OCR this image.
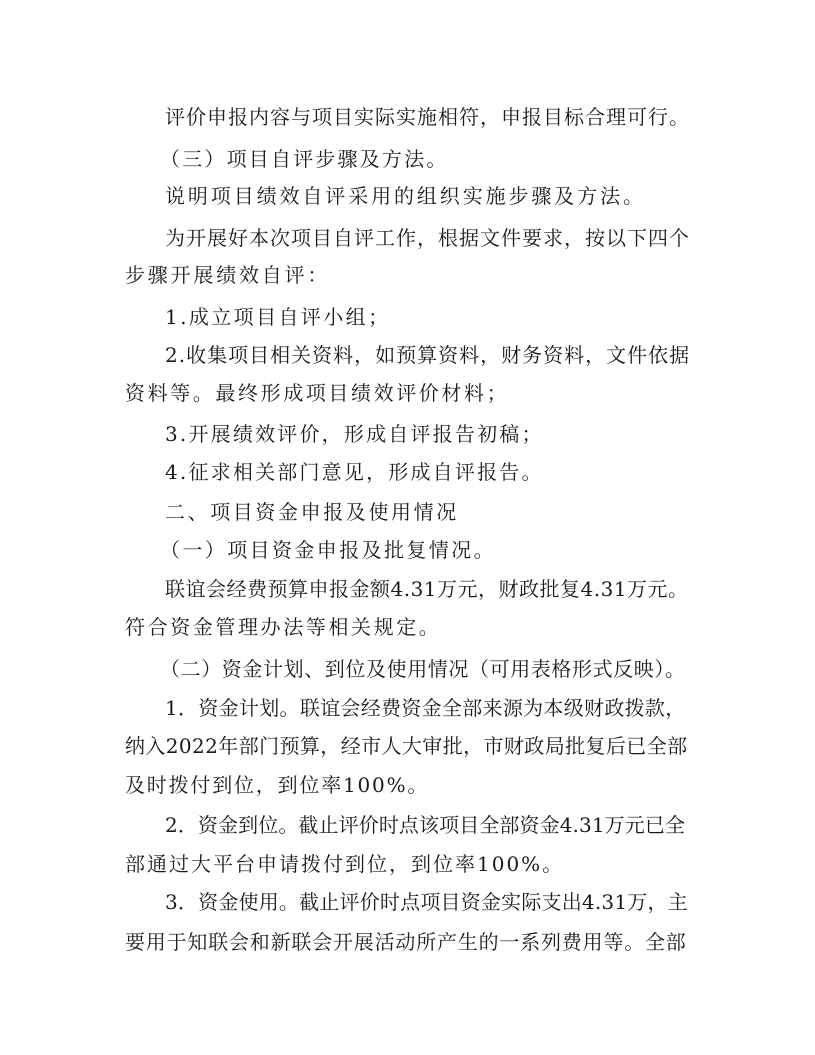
评价申报内容与项目实际实施相符，申报目标合理可行。
（三）项目自评步骤及方法。
说明项目绩效自评采用的组织实施步骤及方法。
为开展好本次项目自评工作，根据文件要求，按以下四个
步骤开展绩效自评：
1.成立项目自评小组；
2.收集项目相关资料，如预算资料，财务资料，文件依据
资料等。最终形成项目绩效评价材料；
3.开展绩效评价，形成自评报告初稿；
4.征求相关部门意见，形成自评报告。
二、项目资金申报及使用情况
（一）项目资金申报及批复情况。
联谊会经费预算申报金额4.31万元，财政批复4.31万元。
符合资金管理办法等相关规定。
（二）资金计划、到位及使用情况（可用表格形式反映）。
1．资金计划。联谊会经费资金全部来源为本级财政拨款，
纳入2022年部门预算，经市人大审批，市财政局批复后已全部
及时拨付到位，到位率100%。
2．资金到位。截止评价时点该项目全部资金4.31万元已全
部通过大平台申请拨付到位，到位率100%。
3．资金使用。截止评价时点项目资金实际支出4.31万，主
要用于知联会和新联会开展活动所产生的一系列费用等。全部
